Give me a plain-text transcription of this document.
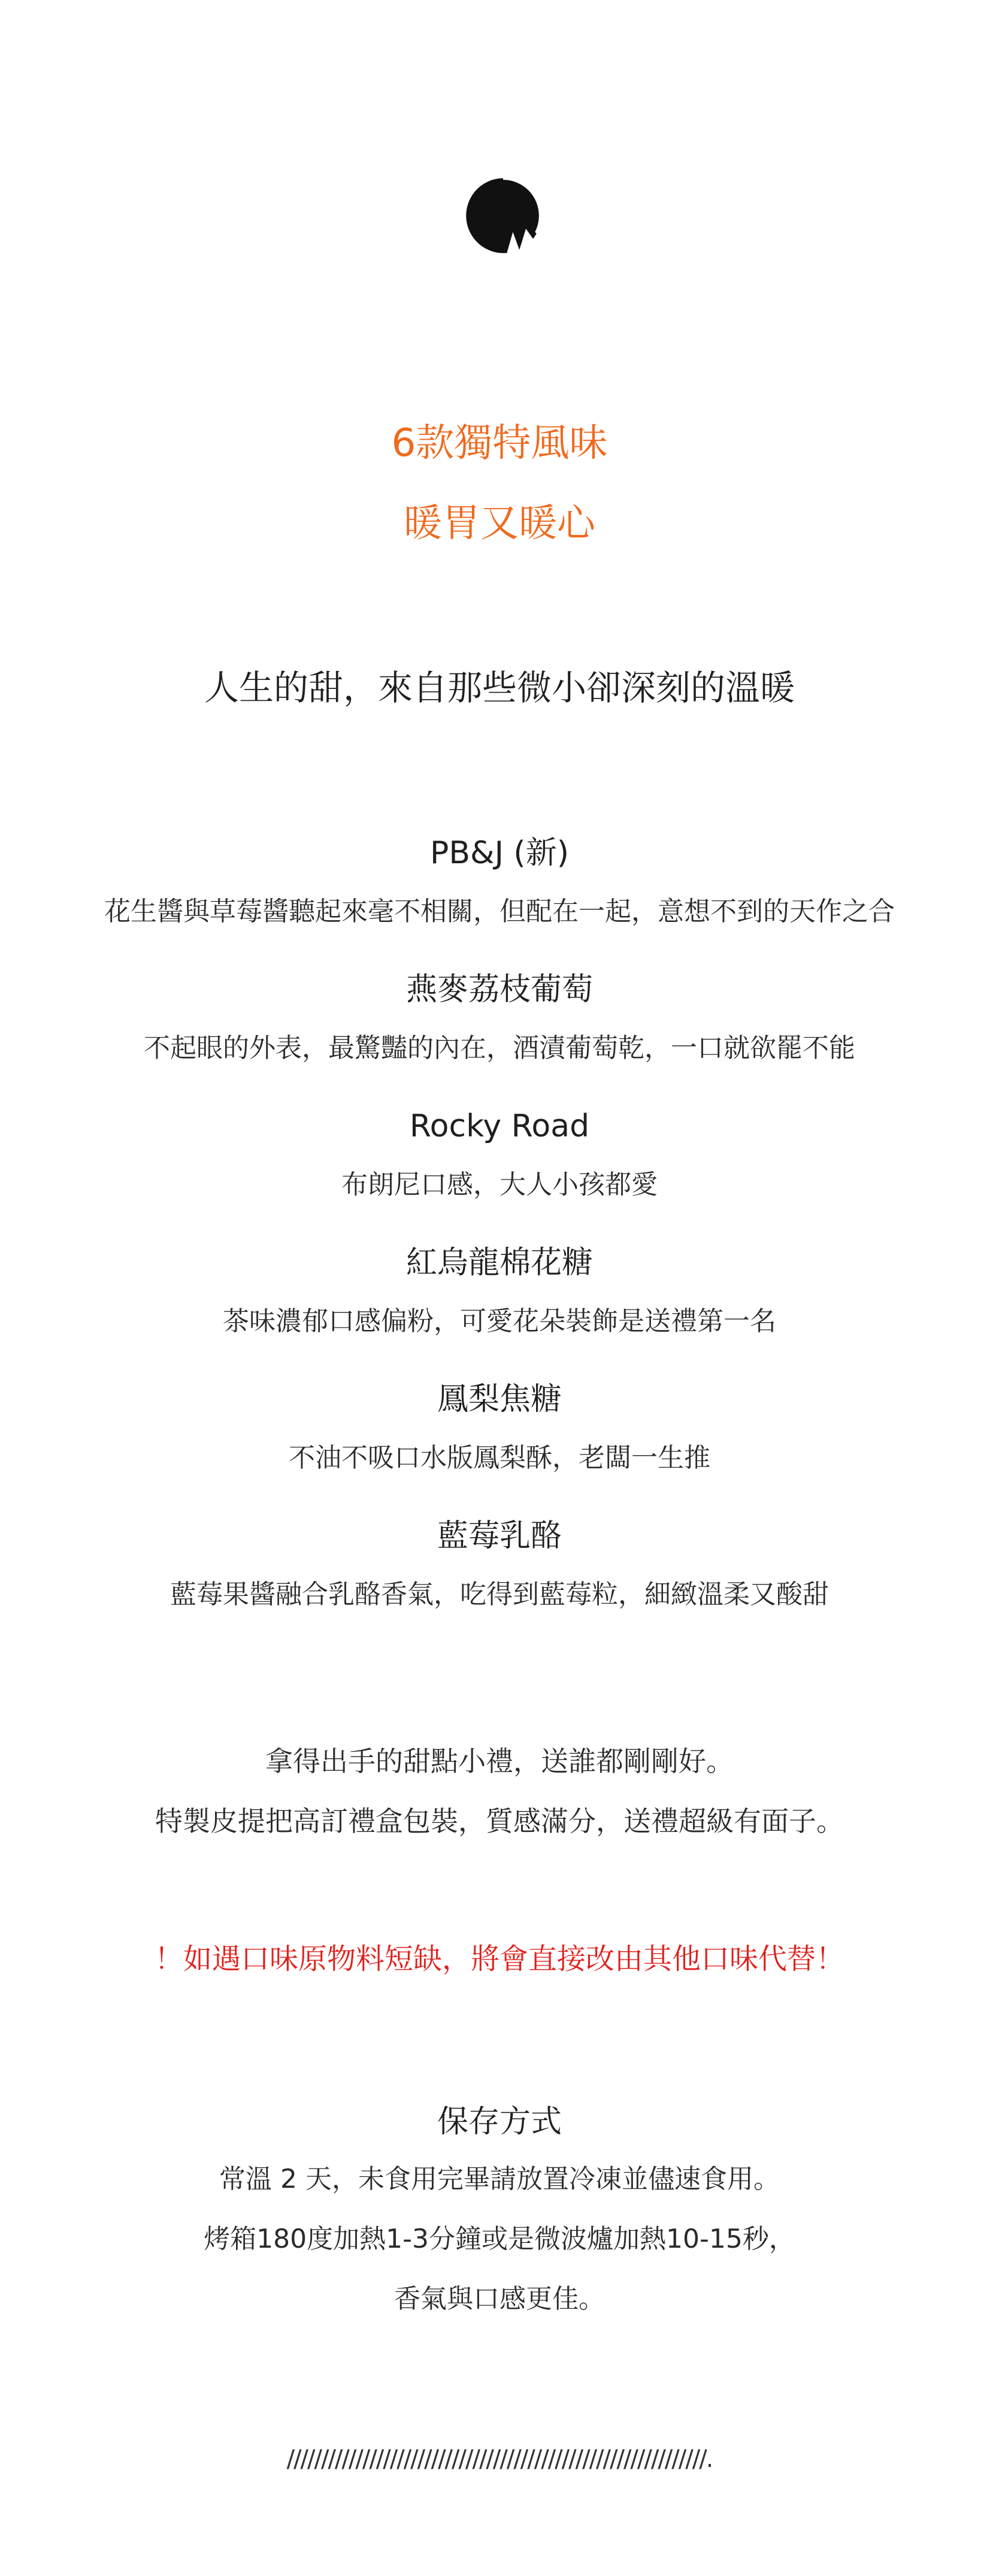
6款獨特風味
暖胃又暖心
人生的甜，來自那些微小卻深刻的溫暖
PB&J (新)
花生醬與草莓醬聽起來毫不相關，但配在一起，意想不到的天作之合
燕麥荔枝葡萄
不起眼的外表，最驚豔的內在，酒漬葡萄乾，一口就欲罷不能
Rocky Road
布朗尼口感，大人小孩都愛
紅烏龍棉花糖
茶味濃郁口感偏粉，可愛花朵裝飾是送禮第一名
鳳梨焦糖
不油不吸口水版鳳梨酥，老闆一生推
藍莓乳酪
藍莓果醬融合乳酪香氣，吃得到藍莓粒，細緻溫柔又酸甜
拿得出手的甜點小禮，送誰都剛剛好。
特製皮提把高訂禮盒包裝，質感滿分，送禮超級有面子。
！如遇口味原物料短缺，將會直接改由其他口味代替！
保存方式
常溫 2 天，未食用完畢請放置冷凍並儘速食用。
烤箱180度加熱1-3分鐘或是微波爐加熱10-15秒，
香氣與口感更佳。
/////////////////////////////////////////////////////////////.
